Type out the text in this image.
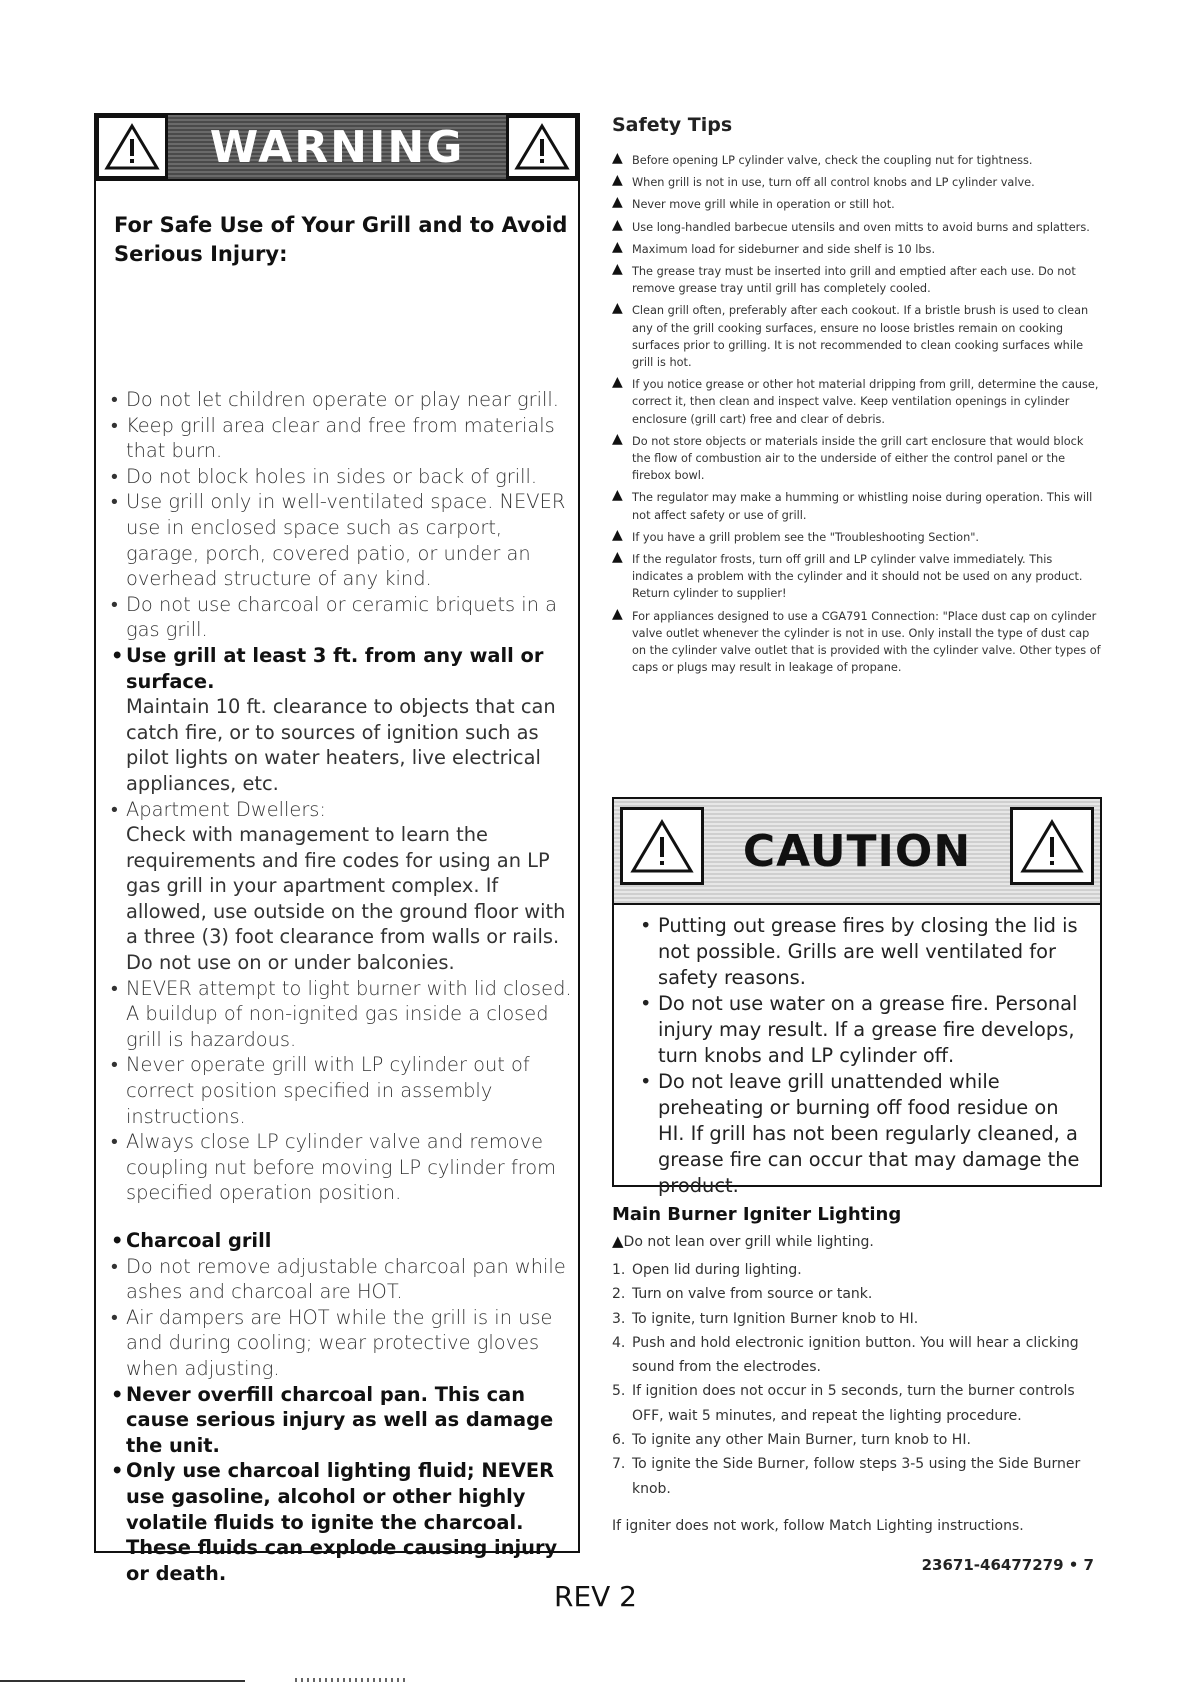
WARNING
For Safe Use of Your Grill and to Avoid Serious Injury:
• Do not let children operate or play near grill.
• Keep grill area clear and free from materials that burn.
• Do not block holes in sides or back of grill.
• Use grill only in well-ventilated space. NEVER use in enclosed space such as carport, garage, porch, covered patio, or under an overhead structure of any kind.
• Do not use charcoal or ceramic briquets in a gas grill.
• Use grill at least 3 ft. from any wall or surface.
Maintain 10 ft. clearance to objects that can catch fire, or to sources of ignition such as pilot lights on water heaters, live electrical appliances, etc.
• Apartment Dwellers:
Check with management to learn the requirements and fire codes for using an LP gas grill in your apartment complex. If allowed, use outside on the ground floor with a three (3) foot clearance from walls or rails. Do not use on or under balconies.
• NEVER attempt to light burner with lid closed. A buildup of non-ignited gas inside a closed grill is hazardous.
• Never operate grill with LP cylinder out of correct position specified in assembly instructions.
• Always close LP cylinder valve and remove coupling nut before moving LP cylinder from specified operation position.
• Charcoal grill
• Do not remove adjustable charcoal pan while ashes and charcoal are HOT.
• Air dampers are HOT while the grill is in use and during cooling; wear protective gloves when adjusting.
• Never overfill charcoal pan. This can cause serious injury as well as damage the unit.
• Only use charcoal lighting fluid; NEVER use gasoline, alcohol or other highly volatile fluids to ignite the charcoal. These fluids can explode causing injury or death.
Safety Tips
▲ Before opening LP cylinder valve, check the coupling nut for tightness.
▲ When grill is not in use, turn off all control knobs and LP cylinder valve.
▲ Never move grill while in operation or still hot.
▲ Use long-handled barbecue utensils and oven mitts to avoid burns and splatters.
▲ Maximum load for sideburner and side shelf is 10 lbs.
▲ The grease tray must be inserted into grill and emptied after each use. Do not remove grease tray until grill has completely cooled.
▲ Clean grill often, preferably after each cookout. If a bristle brush is used to clean any of the grill cooking surfaces, ensure no loose bristles remain on cooking surfaces prior to grilling. It is not recommended to clean cooking surfaces while grill is hot.
▲ If you notice grease or other hot material dripping from grill, determine the cause, correct it, then clean and inspect valve. Keep ventilation openings in cylinder enclosure (grill cart) free and clear of debris.
▲ Do not store objects or materials inside the grill cart enclosure that would block the flow of combustion air to the underside of either the control panel or the firebox bowl.
▲ The regulator may make a humming or whistling noise during operation. This will not affect safety or use of grill.
▲ If you have a grill problem see the "Troubleshooting Section".
▲ If the regulator frosts, turn off grill and LP cylinder valve immediately. This indicates a problem with the cylinder and it should not be used on any product. Return cylinder to supplier!
▲ For appliances designed to use a CGA791 Connection: "Place dust cap on cylinder valve outlet whenever the cylinder is not in use. Only install the type of dust cap on the cylinder valve outlet that is provided with the cylinder valve. Other types of caps or plugs may result in leakage of propane.
CAUTION
• Putting out grease fires by closing the lid is not possible. Grills are well ventilated for safety reasons.
• Do not use water on a grease fire. Personal injury may result. If a grease fire develops, turn knobs and LP cylinder off.
• Do not leave grill unattended while preheating or burning off food residue on HI. If grill has not been regularly cleaned, a grease fire can occur that may damage the product.
Main Burner Igniter Lighting
▲Do not lean over grill while lighting.
1. Open lid during lighting.
2. Turn on valve from source or tank.
3. To ignite, turn Ignition Burner knob to HI.
4. Push and hold electronic ignition button. You will hear a clicking sound from the electrodes.
5. If ignition does not occur in 5 seconds, turn the burner controls OFF, wait 5 minutes, and repeat the lighting procedure.
6. To ignite any other Main Burner, turn knob to HI.
7. To ignite the Side Burner, follow steps 3-5 using the Side Burner knob.
If igniter does not work, follow Match Lighting instructions.
23671-46477279 • 7
REV 2
